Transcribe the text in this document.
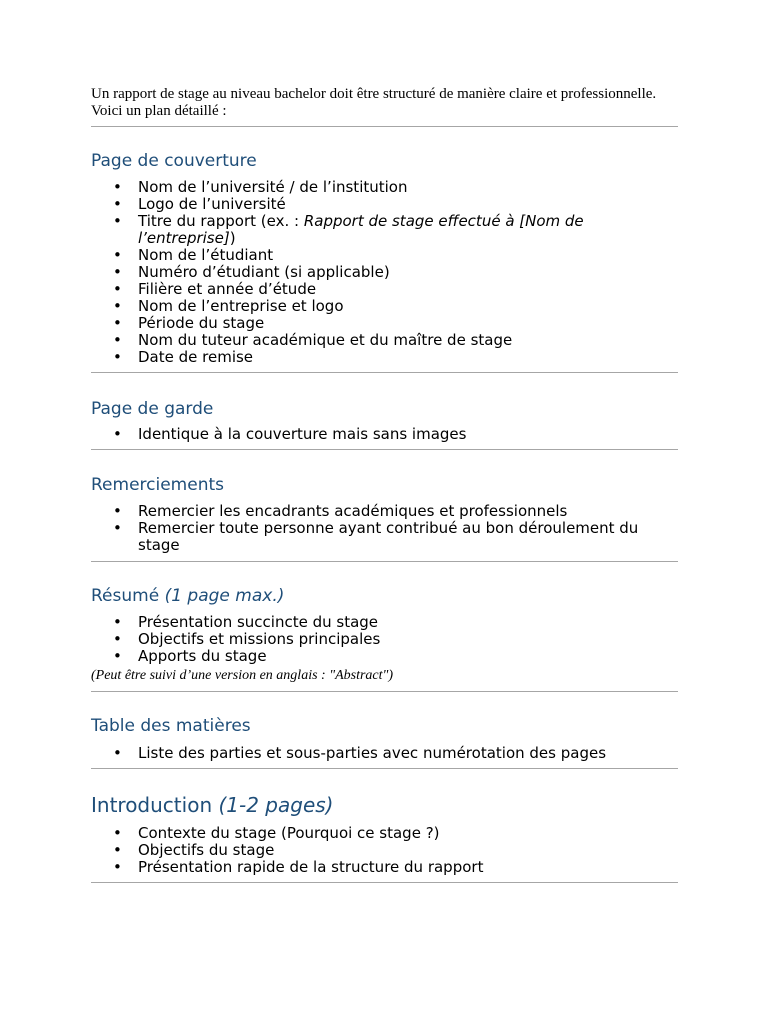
Un rapport de stage au niveau bachelor doit être structuré de manière claire et professionnelle.
Voici un plan détaillé :

Page de couverture
• Nom de l’université / de l’institution
• Logo de l’université
• Titre du rapport (ex. : Rapport de stage effectué à [Nom de l’entreprise])
• Nom de l’étudiant
• Numéro d’étudiant (si applicable)
• Filière et année d’étude
• Nom de l’entreprise et logo
• Période du stage
• Nom du tuteur académique et du maître de stage
• Date de remise
Page de garde
• Identique à la couverture mais sans images
Remerciements
• Remercier les encadrants académiques et professionnels
• Remercier toute personne ayant contribué au bon déroulement du stage
Résumé (1 page max.)
• Présentation succincte du stage
• Objectifs et missions principales
• Apports du stage

(Peut être suivi d’une version en anglais : "Abstract")

Table des matières
• Liste des parties et sous-parties avec numérotation des pages
Introduction (1-2 pages)
• Contexte du stage (Pourquoi ce stage ?)
• Objectifs du stage
• Présentation rapide de la structure du rapport
